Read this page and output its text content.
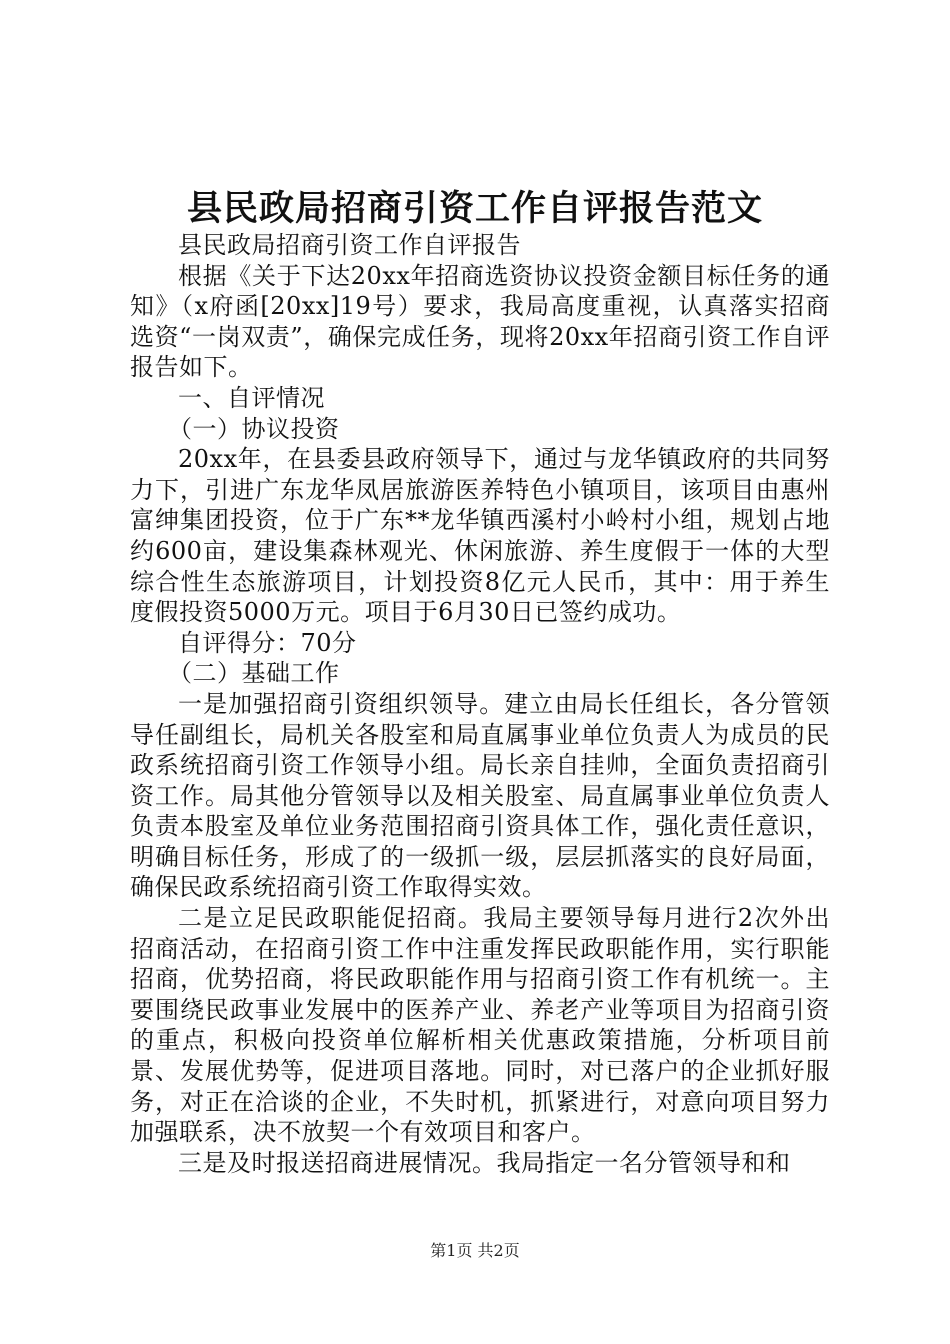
县民政局招商引资工作自评报告范文

县民政局招商引资工作自评报告

根据《关于下达20xx年招商选资协议投资金额目标任务的通知》（x府函[20xx]19号）要求，我局高度重视，认真落实招商选资“一岗双责”，确保完成任务，现将20xx年招商引资工作自评报告如下。

一、自评情况

（一）协议投资

20xx年，在县委县政府领导下，通过与龙华镇政府的共同努力下，引进广东龙华凤居旅游医养特色小镇项目，该项目由惠州富绅集团投资，位于广东**龙华镇西溪村小岭村小组，规划占地约600亩，建设集森林观光、休闲旅游、养生度假于一体的大型综合性生态旅游项目，计划投资8亿元人民币，其中：用于养生度假投资5000万元。项目于6月30日已签约成功。

自评得分：70分

（二）基础工作

一是加强招商引资组织领导。建立由局长任组长，各分管领导任副组长，局机关各股室和局直属事业单位负责人为成员的民政系统招商引资工作领导小组。局长亲自挂帅，全面负责招商引资工作。局其他分管领导以及相关股室、局直属事业单位负责人负责本股室及单位业务范围招商引资具体工作，强化责任意识，明确目标任务，形成了的一级抓一级，层层抓落实的良好局面，确保民政系统招商引资工作取得实效。

二是立足民政职能促招商。我局主要领导每月进行2次外出招商活动，在招商引资工作中注重发挥民政职能作用，实行职能招商，优势招商，将民政职能作用与招商引资工作有机统一。主要围绕民政事业发展中的医养产业、养老产业等项目为招商引资的重点，积极向投资单位解析相关优惠政策措施，分析项目前景、发展优势等，促进项目落地。同时，对已落户的企业抓好服务，对正在洽谈的企业，不失时机，抓紧进行，对意向项目努力加强联系，决不放契一个有效项目和客户。

三是及时报送招商进展情况。我局指定一名分管领导和和

第1页 共2页
